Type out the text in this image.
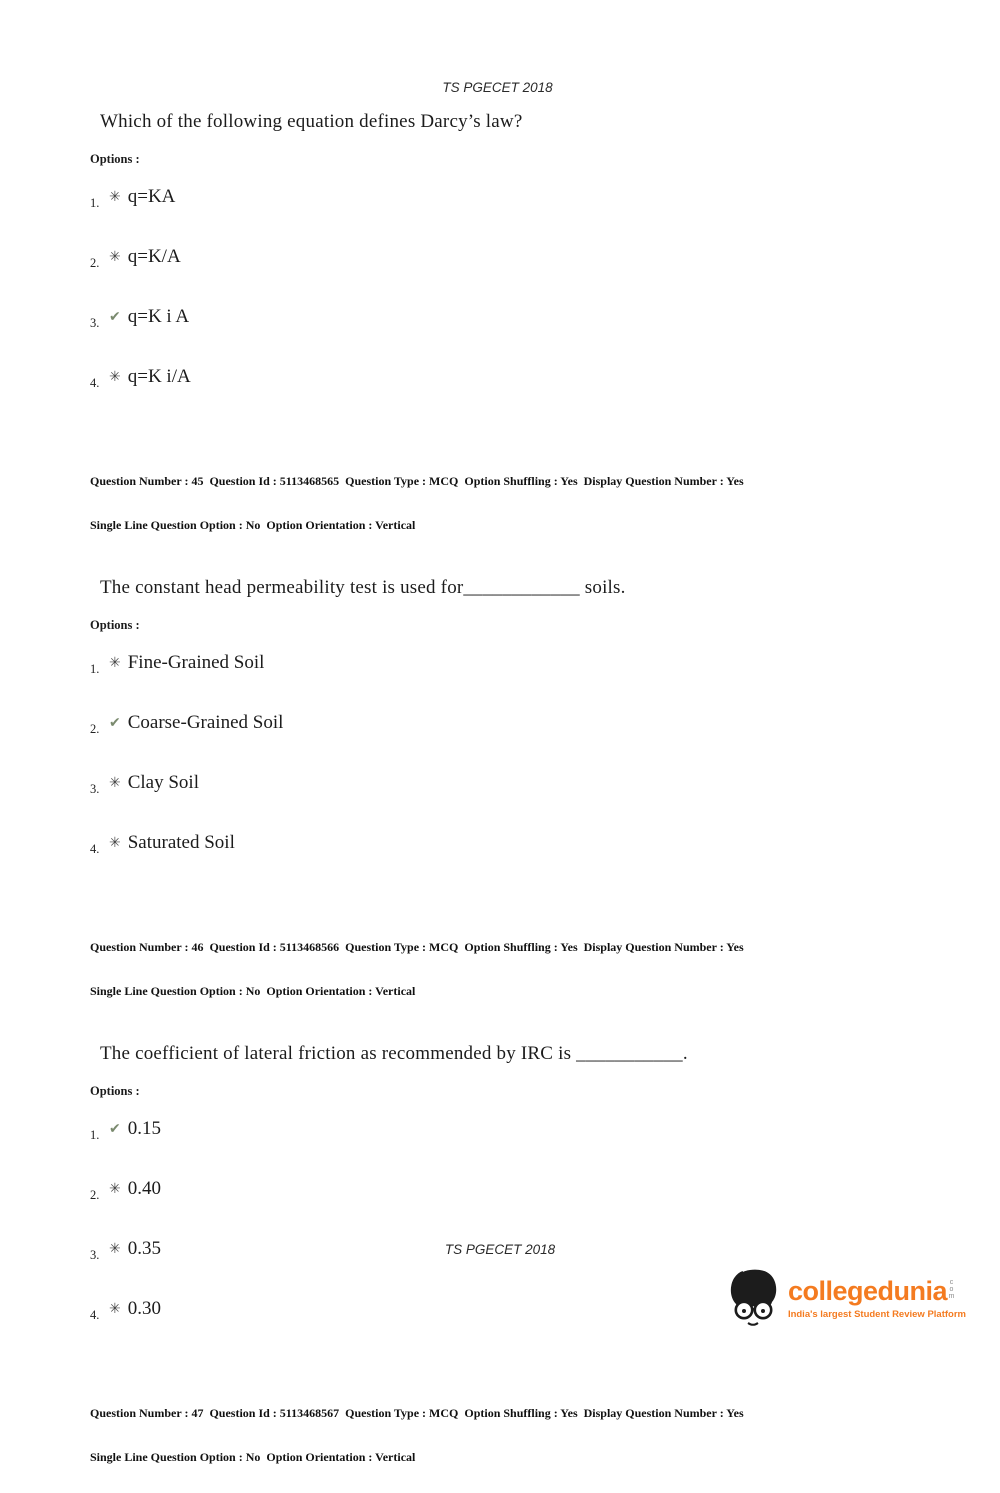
TS PGECET 2018

Which of the following equation defines Darcy’s law?

Options :
1. ✳ q=KA
2. ✳ q=K/A
3. ✔ q=K i A
4. ✳ q=K i/A

Question Number : 45  Question Id : 5113468565  Question Type : MCQ  Option Shuffling : Yes  Display Question Number : Yes

Single Line Question Option : No  Option Orientation : Vertical

The constant head permeability test is used for____________ soils.

Options :
1. ✳ Fine-Grained Soil
2. ✔ Coarse-Grained Soil
3. ✳ Clay Soil
4. ✳ Saturated Soil

Question Number : 46  Question Id : 5113468566  Question Type : MCQ  Option Shuffling : Yes  Display Question Number : Yes

Single Line Question Option : No  Option Orientation : Vertical

The coefficient of lateral friction as recommended by IRC is ___________.

Options :
1. ✔ 0.15
2. ✳ 0.40
3. ✳ 0.35
4. ✳ 0.30

Question Number : 47  Question Id : 5113468567  Question Type : MCQ  Option Shuffling : Yes  Display Question Number : Yes

Single Line Question Option : No  Option Orientation : Vertical

TS PGECET 2018
collegedunia com
India's largest Student Review Platform
